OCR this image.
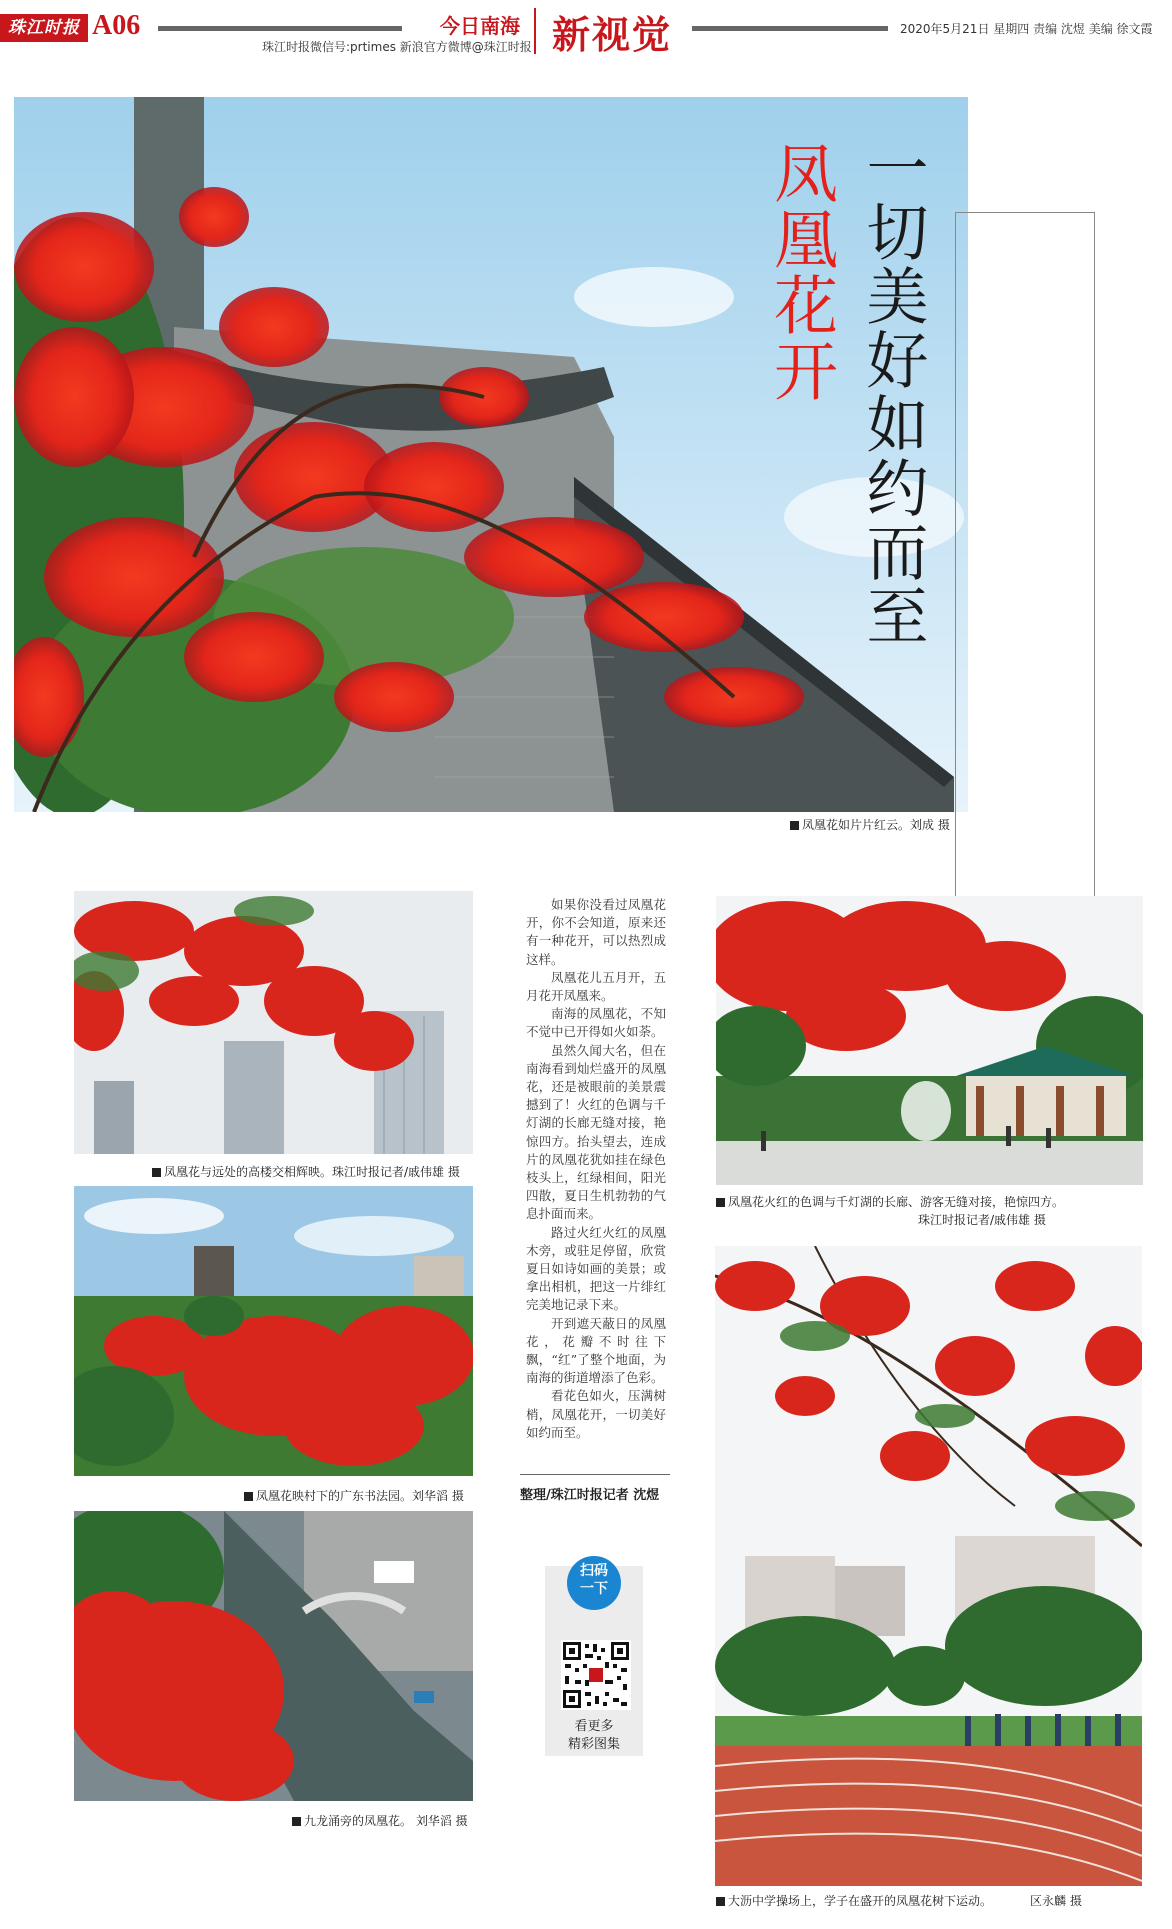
珠江时报 A06
珠江时报微信号:prtimes 新浪官方微博@珠江时报
今日南海 新视觉	2020年5月21日 星期四 责编 沈煜 美编 徐文霞
一切美好如约而至
凤凰花开
凤凰花如片片红云。刘成 摄
凤凰花与远处的高楼交相辉映。珠江时报记者/戚伟雄 摄
凤凰花映村下的广东书法园。刘华滔 摄
九龙涌旁的凤凰花。 刘华滔 摄

如果你没看过凤凰花开，你不会知道，原来还有一种花开，可以热烈成这样。

凤凰花儿五月开，五月花开凤凰来。

南海的凤凰花，不知不觉中已开得如火如荼。

虽然久闻大名，但在南海看到灿烂盛开的凤凰花，还是被眼前的美景震撼到了！火红的色调与千灯湖的长廊无缝对接，艳惊四方。抬头望去，连成片的凤凰花犹如挂在绿色枝头上，红绿相间，阳光四散，夏日生机勃勃的气息扑面而来。

路过火红火红的凤凰木旁，或驻足停留，欣赏夏日如诗如画的美景；或拿出相机，把这一片绯红完美地记录下来。

开到遮天蔽日的凤凰花，花瓣不时往下飘，“红”了整个地面，为南海的街道增添了色彩。

看花色如火，压满树梢，凤凰花开，一切美好如约而至。

整理/珠江时报记者 沈煜
扫码
一下
看更多
精彩图集
凤凰花火红的色调与千灯湖的长廊、游客无缝对接，艳惊四方。
珠江时报记者/戚伟雄 摄
大沥中学操场上，学子在盛开的凤凰花树下运动。	区永麟 摄
